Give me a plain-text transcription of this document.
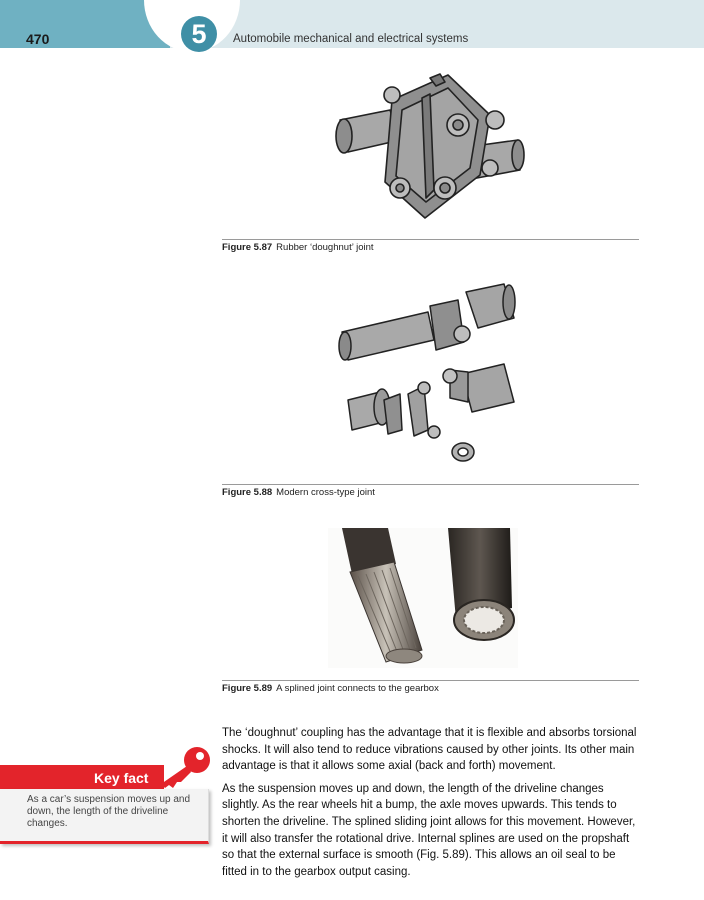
5
470	Automobile mechanical and electrical systems
Figure 5.87 Rubber ‘doughnut’ joint
Figure 5.88 Modern cross-type joint
Figure 5.89 A splined joint connects to the gearbox

The ‘doughnut’ coupling has the advantage that it is flexible and absorbs torsional shocks. It will also tend to reduce vibrations caused by other joints. Its other main advantage is that it allows some axial (back and forth) movement.

As the suspension moves up and down, the length of the driveline changes slightly. As the rear wheels hit a bump, the axle moves upwards. This tends to shorten the driveline. The splined sliding joint allows for this movement. However, it will also transfer the rotational drive. Internal splines are used on the propshaft so that the external surface is smooth (Fig. 5.89). This allows an oil seal to be fitted in to the gearbox output casing.

Key fact
As a car’s suspension moves up and down, the length of the driveline changes.
